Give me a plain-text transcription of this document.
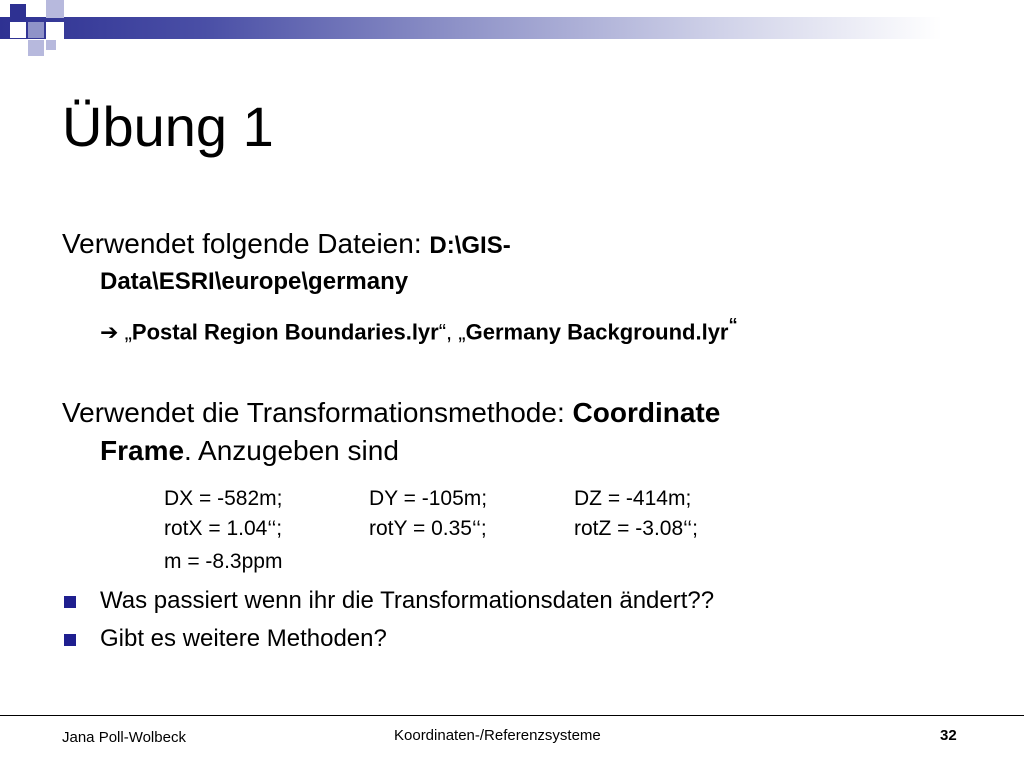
Übung 1
Verwendet folgende Dateien: D:\GIS-
Data\ESRI\europe\germany
➔ „Postal Region Boundaries.lyr“, „Germany Background.lyr“
Verwendet die Transformationsmethode: Coordinate
Frame. Anzugeben sind
DX = -582m;	DY = -105m;	DZ = -414m;
rotX = 1.04‘‘;	rotY = 0.35‘‘;	rotZ = -3.08‘‘;
m = -8.3ppm
Was passiert wenn ihr die Transformationsdaten ändert??
Gibt es weitere Methoden?
Jana Poll-Wolbeck	Koordinaten-/Referenzsysteme	32
